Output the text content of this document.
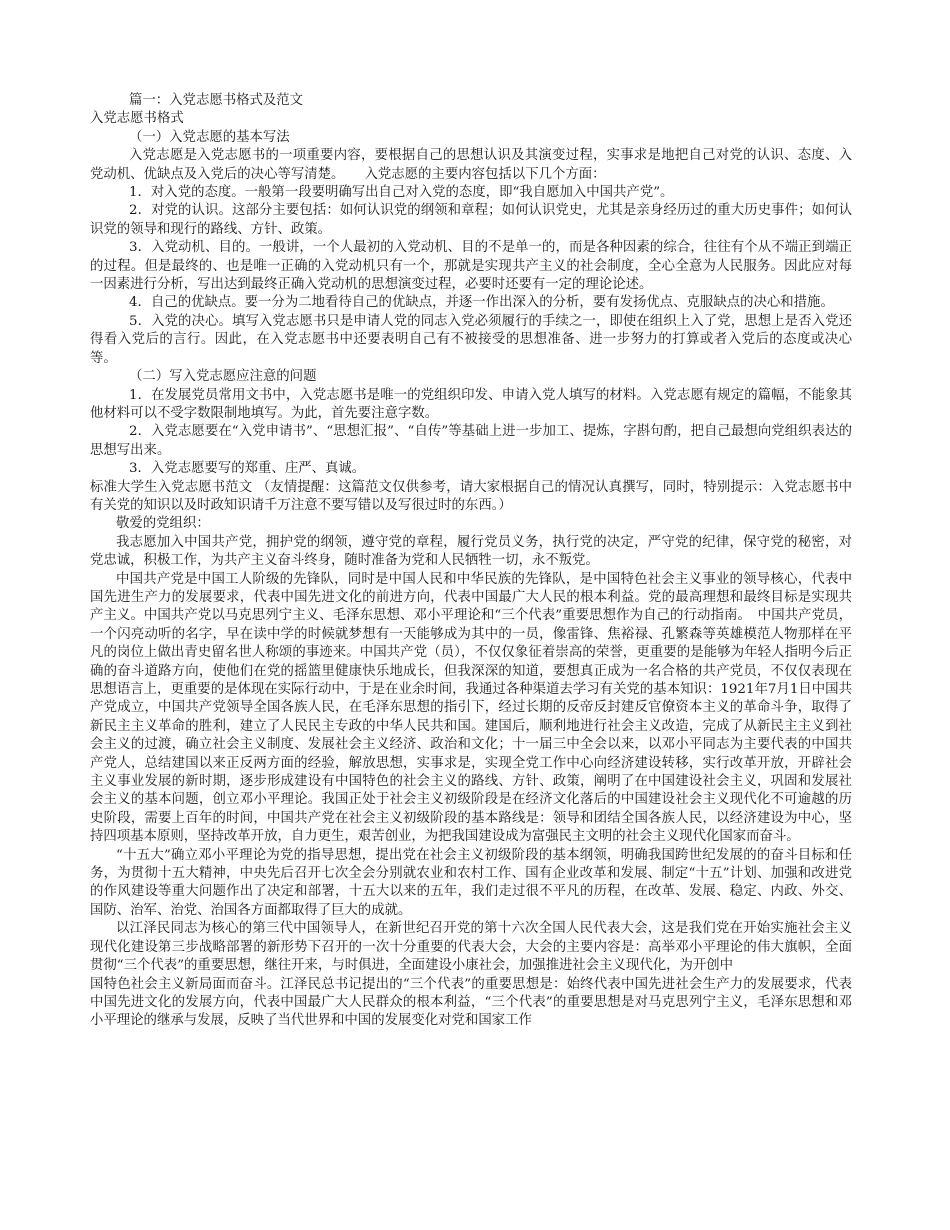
篇一：入党志愿书格式及范文

入党志愿书格式

（一）入党志愿的基本写法

入党志愿是入党志愿书的一项重要内容，要根据自己的思想认识及其演变过程，实事求是地把自己对党的认识、态度、入党动机、优缺点及入党后的决心等写清楚。　　入党志愿的主要内容包括以下几个方面：

1．对入党的态度。一般第一段要明确写出自己对入党的态度，即“我自愿加入中国共产党”。

2．对党的认识。这部分主要包括：如何认识党的纲领和章程；如何认识党史，尤其是亲身经历过的重大历史事件；如何认识党的领导和现行的路线、方针、政策。

3．入党动机、目的。一般讲，一个人最初的入党动机、目的不是单一的，而是各种因素的综合，往往有个从不端正到端正的过程。但是最终的、也是唯一正确的入党动机只有一个，那就是实现共产主义的社会制度，全心全意为人民服务。因此应对每一因素进行分析，写出达到最终正确入党动机的思想演变过程，必要时还要有一定的理论论述。

4．自己的优缺点。要一分为二地看待自己的优缺点，并逐一作出深入的分析，要有发扬优点、克服缺点的决心和措施。

5．入党的决心。填写入党志愿书只是申请人党的同志入党必须履行的手续之一，即使在组织上入了党，思想上是否入党还得看入党后的言行。因此，在入党志愿书中还要表明自己有不被接受的思想准备、进一步努力的打算或者入党后的态度或决心等。

（二）写入党志愿应注意的问题

1．在发展党员常用文书中，入党志愿书是唯一的党组织印发、申请入党人填写的材料。入党志愿有规定的篇幅，不能象其他材料可以不受字数限制地填写。为此，首先要注意字数。

2．入党志愿要在“入党申请书”、“思想汇报”、“自传”等基础上进一步加工、提炼，字斟句酌，把自己最想向党组织表达的思想写出来。

3．入党志愿要写的郑重、庄严、真诚。

标准大学生入党志愿书范文 （友情提醒：这篇范文仅供参考，请大家根据自己的情况认真撰写，同时，特别提示：入党志愿书中有关党的知识以及时政知识请千万注意不要写错以及写很过时的东西。）

敬爱的党组织：

我志愿加入中国共产党，拥护党的纲领，遵守党的章程，履行党员义务，执行党的决定，严守党的纪律，保守党的秘密，对党忠诚，积极工作，为共产主义奋斗终身，随时准备为党和人民牺牲一切，永不叛党。

中国共产党是中国工人阶级的先锋队，同时是中国人民和中华民族的先锋队，是中国特色社会主义事业的领导核心，代表中国先进生产力的发展要求，代表中国先进文化的前进方向，代表中国最广大人民的根本利益。党的最高理想和最终目标是实现共产主义。中国共产党以马克思列宁主义、毛泽东思想、邓小平理论和“三个代表”重要思想作为自己的行动指南。　中国共产党员，一个闪亮动听的名字，早在读中学的时候就梦想有一天能够成为其中的一员，像雷锋、焦裕禄、孔繁森等英雄模范人物那样在平凡的岗位上做出青史留名世人称颂的事迹来。中国共产党（员），不仅仅象征着崇高的荣誉，更重要的是能够为年轻人指明今后正确的奋斗道路方向，使他们在党的摇篮里健康快乐地成长，但我深深的知道，要想真正成为一名合格的共产党员，不仅仅表现在思想语言上，更重要的是体现在实际行动中，于是在业余时间，我通过各种渠道去学习有关党的基本知识：1921年7月1日中国共产党成立，中国共产党领导全国各族人民，在毛泽东思想的指引下，经过长期的反帝反封建反官僚资本主义的革命斗争，取得了新民主主义革命的胜利，建立了人民民主专政的中华人民共和国。建国后，顺利地进行社会主义改造，完成了从新民主主义到社会主义的过渡，确立社会主义制度、发展社会主义经济、政治和文化；十一届三中全会以来，以邓小平同志为主要代表的中国共产党人，总结建国以来正反两方面的经验，解放思想，实事求是，实现全党工作中心向经济建设转移，实行改革开放，开辟社会主义事业发展的新时期，逐步形成建设有中国特色的社会主义的路线、方针、政策，阐明了在中国建设社会主义，巩固和发展社会主义的基本问题，创立邓小平理论。我国正处于社会主义初级阶段是在经济文化落后的中国建设社会主义现代化不可逾越的历史阶段，需要上百年的时间，中国共产党在社会主义初级阶段的基本路线是：领导和团结全国各族人民，以经济建设为中心，坚持四项基本原则，坚持改革开放，自力更生，艰苦创业，为把我国建设成为富强民主文明的社会主义现代化国家而奋斗。

“十五大”确立邓小平理论为党的指导思想，提出党在社会主义初级阶段的基本纲领，明确我国跨世纪发展的的奋斗目标和任务，为贯彻十五大精神，中央先后召开七次全会分别就农业和农村工作、国有企业改革和发展、制定“十五”计划、加强和改进党的作风建设等重大问题作出了决定和部署，十五大以来的五年，我们走过很不平凡的历程，在改革、发展、稳定、内政、外交、国防、治军、治党、治国各方面都取得了巨大的成就。

以江泽民同志为核心的第三代中国领导人，在新世纪召开党的第十六次全国人民代表大会，这是我们党在开始实施社会主义现代化建设第三步战略部署的新形势下召开的一次十分重要的代表大会，大会的主要内容是：高举邓小平理论的伟大旗帜，全面贯彻“三个代表”的重要思想，继往开来，与时俱进，全面建设小康社会，加强推进社会主义现代化，为开创中

国特色社会主义新局面而奋斗。江泽民总书记提出的“三个代表”的重要思想是：始终代表中国先进社会生产力的发展要求，代表中国先进文化的发展方向，代表中国最广大人民群众的根本利益，“三个代表”的重要思想是对马克思列宁主义，毛泽东思想和邓小平理论的继承与发展，反映了当代世界和中国的发展变化对党和国家工作
